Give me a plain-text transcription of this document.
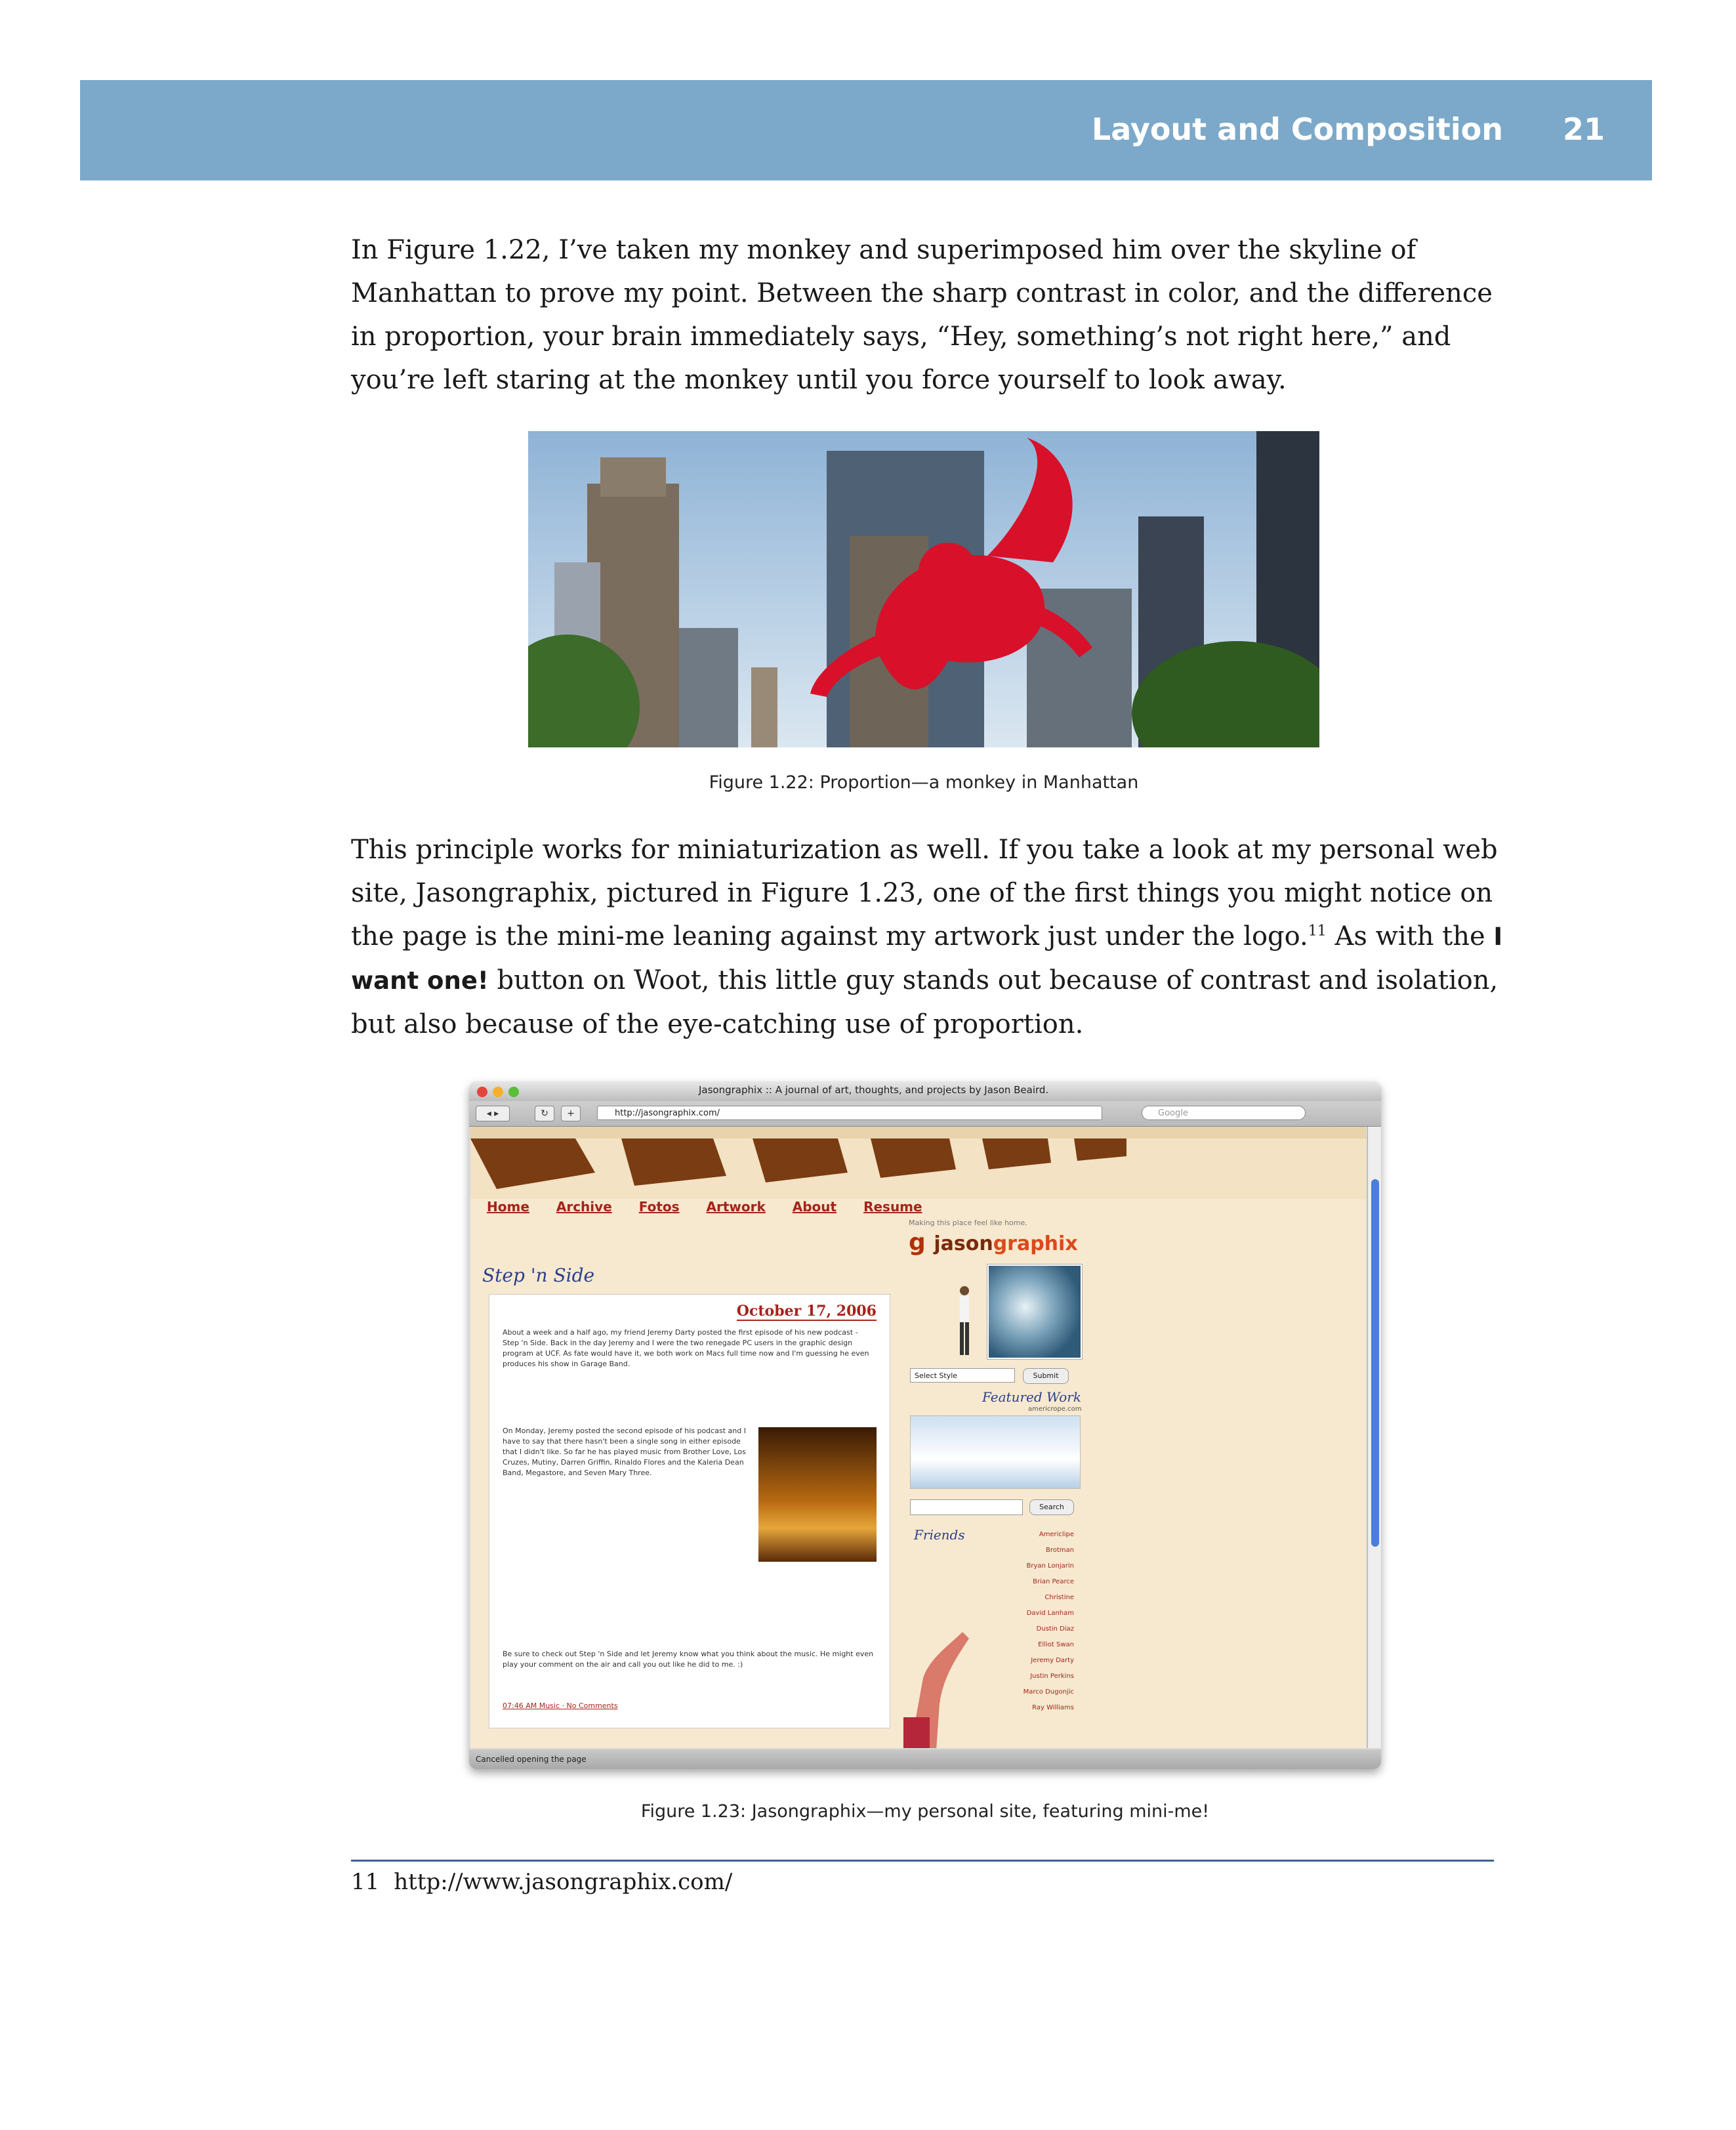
Layout and Composition 21

In Figure 1.22, I’ve taken my monkey and superimposed him over the skyline of Manhattan to prove my point. Between the sharp contrast in color, and the difference in proportion, your brain immediately says, “Hey, something’s not right here,” and you’re left staring at the monkey until you force yourself to look away.

Figure 1.22: Proportion—a monkey in Manhattan

This principle works for miniaturization as well. If you take a look at my personal web site, Jasongraphix, pictured in Figure 1.23, one of the first things you might notice on the page is the mini-me leaning against my artwork just under the logo.$^{11}$ As with the I want one! button on Woot, this little guy stands out because of contrast and isolation, but also because of the eye-catching use of proportion.

Jasongraphix :: A journal of art, thoughts, and projects by Jason Beaird.
◂ ▸	↻	+	http://jasongraphix.com/	Google
Home Archive Fotos Artwork About Resume
Step 'n Side
October 17, 2006
About a week and a half ago, my friend Jeremy Darty posted the first episode of his new podcast - Step 'n Side. Back in the day Jeremy and I were the two renegade PC users in the graphic design program at UCF. As fate would have it, we both work on Macs full time now and I'm guessing he even produces his show in Garage Band.
On Monday, Jeremy posted the second episode of his podcast and I have to say that there hasn't been a single song in either episode that I didn't like. So far he has played music from Brother Love, Los Cruzes, Mutiny, Darren Griffin, Rinaldo Flores and the Kaleria Dean Band, Megastore, and Seven Mary Three.
Be sure to check out Step 'n Side and let Jeremy know what you think about the music. He might even play your comment on the air and call you out like he did to me. :)
07:46 AM Music · No Comments
Making this place feel like home.
g jasongraphix
Select Style	Submit
Featured Work
americrope.com
Search
Friends	Americlipe
Brotman
Bryan Lonjarin
Brian Pearce
Christine
David Lanham
Dustin Diaz
Elliot Swan
Jeremy Darty
Justin Perkins
Marco Dugonjic
Ray Williams
Cancelled opening the page
Figure 1.23: Jasongraphix—my personal site, featuring mini-me!
11 http://www.jasongraphix.com/
